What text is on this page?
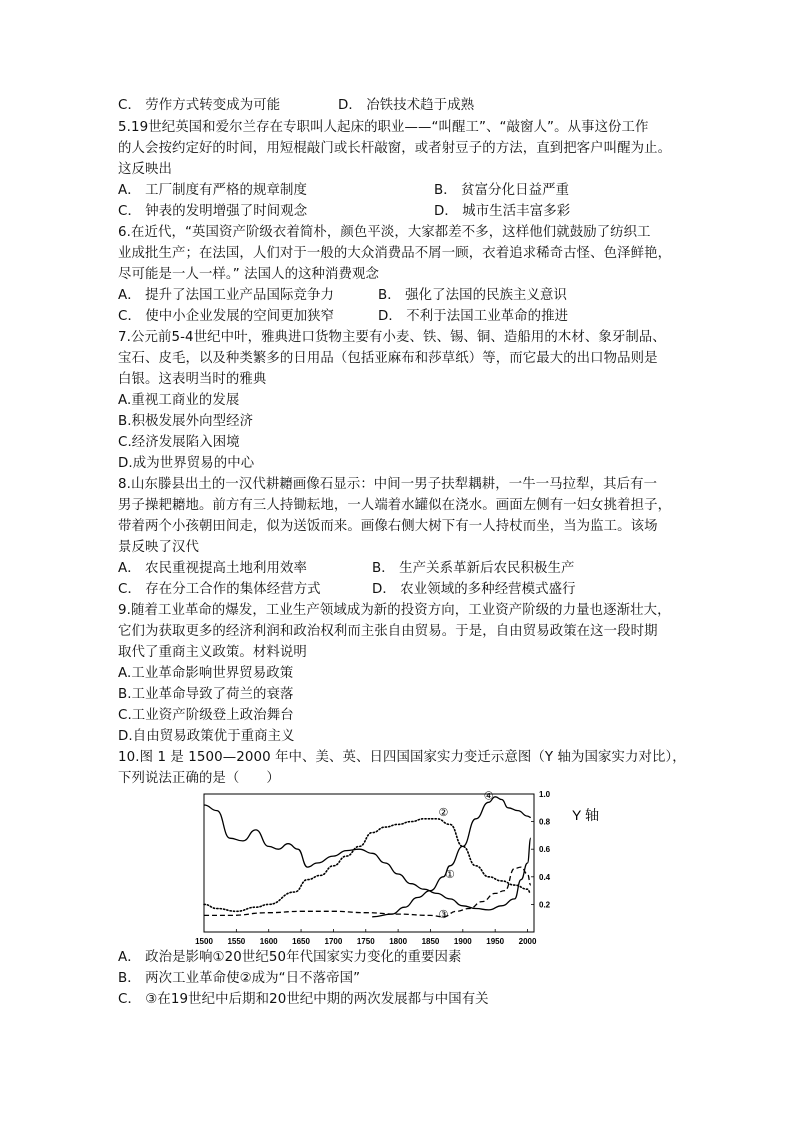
C． 劳作方式转变成为可能	D． 冶铁技术趋于成熟
5.19世纪英国和爱尔兰存在专职叫人起床的职业——“叫醒工”、“敲窗人”。从事这份工作
的人会按约定好的时间，用短棍敲门或长杆敲窗，或者射豆子的方法，直到把客户叫醒为止。
这反映出
A． 工厂制度有严格的规章制度	B． 贫富分化日益严重
C． 钟表的发明增强了时间观念	D． 城市生活丰富多彩
6.在近代，“英国资产阶级衣着简朴，颜色平淡，大家都差不多，这样他们就鼓励了纺织工
业成批生产；在法国，人们对于一般的大众消费品不屑一顾，衣着追求稀奇古怪、色泽鲜艳，
尽可能是一人一样。” 法国人的这种消费观念
A． 提升了法国工业产品国际竞争力	B． 强化了法国的民族主义意识
C． 使中小企业发展的空间更加狭窄	D． 不利于法国工业革命的推进
7.公元前5-4世纪中叶，雅典进口货物主要有小麦、铁、锡、铜、造船用的木材、象牙制品、
宝石、皮毛，以及种类繁多的日用品（包括亚麻布和莎草纸）等，而它最大的出口物品则是
白银。这表明当时的雅典
A.重视工商业的发展
B.积极发展外向型经济
C.经济发展陷入困境
D.成为世界贸易的中心
8.山东滕县出土的一汉代耕耱画像石显示：中间一男子扶犁耦耕，一牛一马拉犁，其后有一
男子操耙耱地。前方有三人持锄耘地，一人端着水罐似在浇水。画面左侧有一妇女挑着担子，
带着两个小孩朝田间走，似为送饭而来。画像右侧大树下有一人持杖而坐，当为监工。该场
景反映了汉代
A． 农民重视提高土地利用效率	B． 生产关系革新后农民积极生产
C． 存在分工合作的集体经营方式	D． 农业领域的多种经营模式盛行
9.随着工业革命的爆发，工业生产领域成为新的投资方向，工业资产阶级的力量也逐渐壮大，
它们为获取更多的经济利润和政治权利而主张自由贸易。于是，自由贸易政策在这一段时期
取代了重商主义政策。材料说明
A.工业革命影响世界贸易政策
B.工业革命导致了荷兰的衰落
C.工业资产阶级登上政治舞台
D.自由贸易政策优于重商主义
10.图 1 是 1500—2000 年中、美、英、日四国国家实力变迁示意图（Y 轴为国家实力对比），
下列说法正确的是（　　）
1500 1550 1600 1650 1700 1750 1800 1850 1900 1950 2000
0.2
0.4
0.6
0.8
1.0
①
②
③
④
Y 轴
A． 政治是影响①20世纪50年代国家实力变化的重要因素
B． 两次工业革命使②成为“日不落帝国”
C． ③在19世纪中后期和20世纪中期的两次发展都与中国有关
